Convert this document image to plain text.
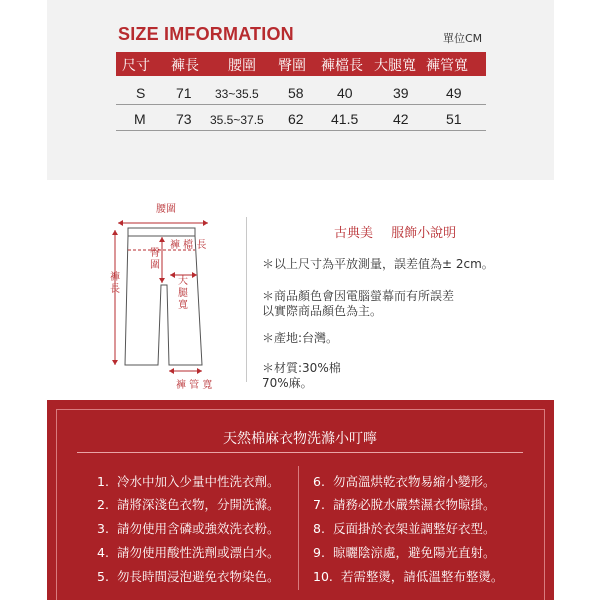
SIZE IMFORMATION	單位CM
尺寸 褲長 腰圍 臀圍 褲檔長 大腿寬 褲管寬
S 71 33~35.5 58 40	39	49
M 73 35.5~37.5 62 41.5 42	51
腰圍
褲 檔 長
臀圍
大腿寬
褲長
褲 管 寬
古典美 服飾小說明
＊以上尺寸為平放測量，誤差值為± 2cm。
＊商品顏色會因電腦螢幕而有所誤差
以實際商品顏色為主。
＊產地:台灣。
＊材質:30%棉
70%麻。
天然棉麻衣物洗滌小叮嚀
1. 冷水中加入少量中性洗衣劑。
2. 請將深淺色衣物，分開洗滌。
3. 請勿使用含磷或強效洗衣粉。
4. 請勿使用酸性洗劑或漂白水。
5. 勿長時間浸泡避免衣物染色。
6. 勿高溫烘乾衣物易縮小變形。
7. 請務必脫水嚴禁濕衣物晾掛。
8. 反面掛於衣架並調整好衣型。
9. 晾曬陰涼處，避免陽光直射。
10. 若需整燙，請低溫整布整燙。
